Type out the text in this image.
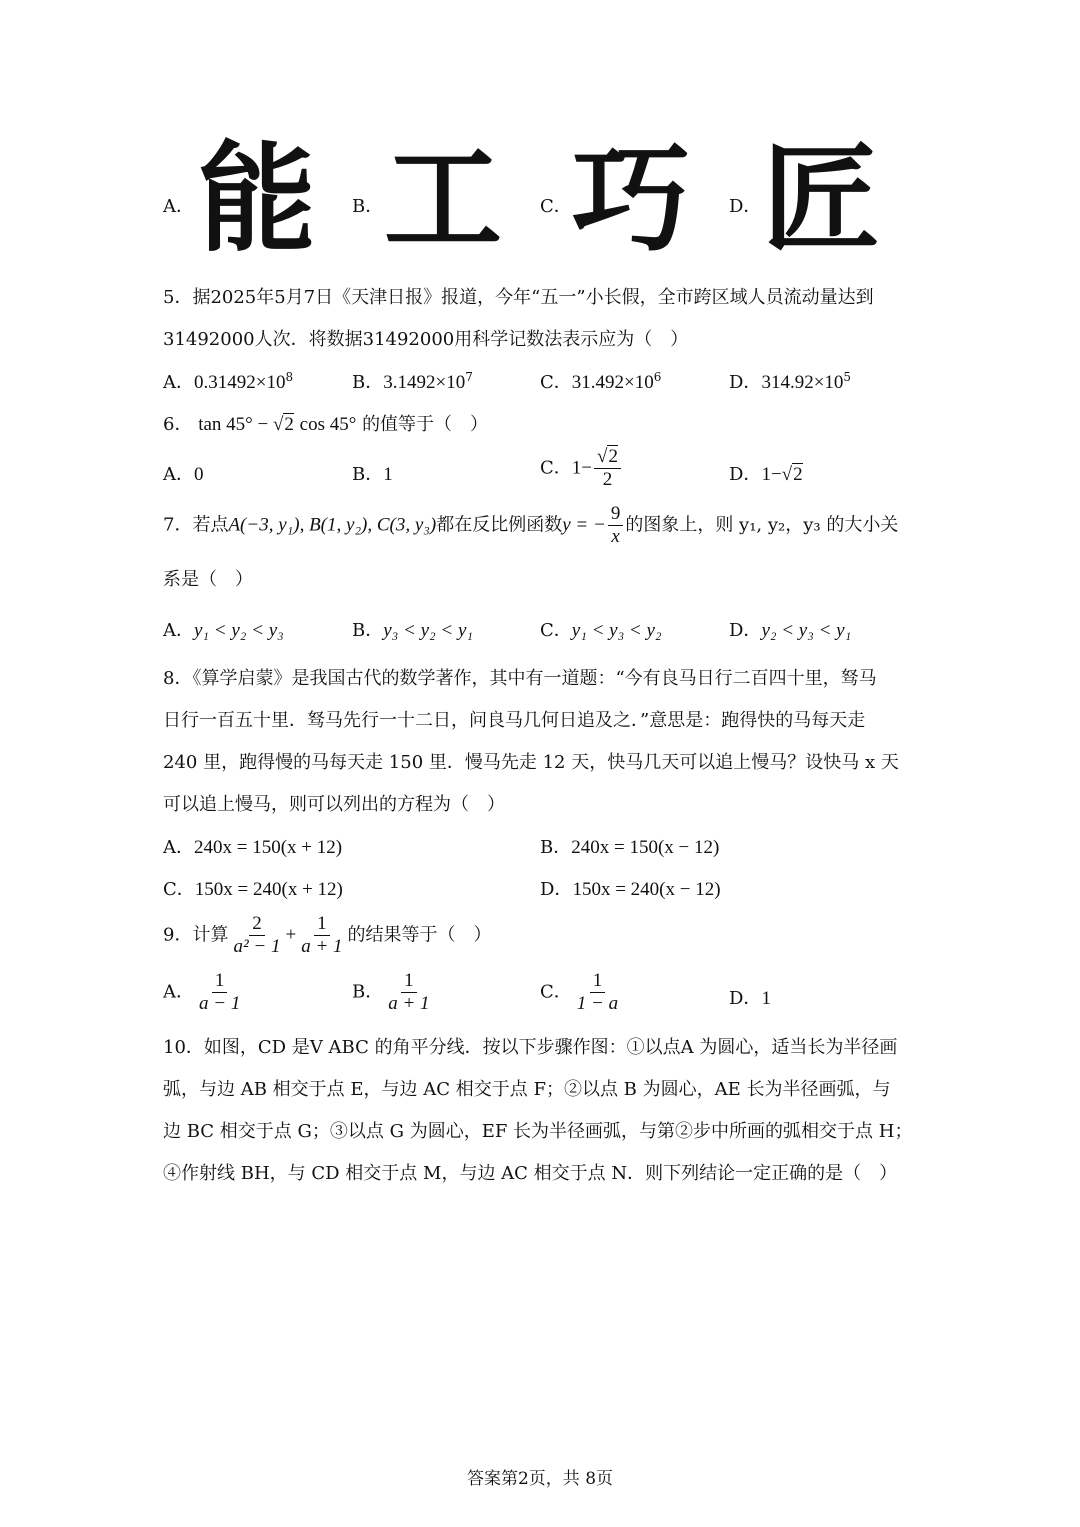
A． 能 B． 工 C． 巧 D． 匠
5．据2025年5月7日《天津日报》报道，今年“五一”小长假，全市跨区域人员流动量达到
31492000人次．将数据31492000用科学记数法表示应为（　）
A．$0.31492\times 10^8$	B．$3.1492\times 10^7$	C．$31.492\times 10^6$	D．$314.92\times 10^5$
6． tan 45° − √2 cos 45° 的值等于（　）
A．0	B．1	C．$1- \frac{√2}{2}$	D．1−√2
7．若点A(−3, y₁), B(1, y₂), C(3, y₃)都在反比例函数y = − $\frac{9}{x}$ 的图象上，则 y₁, y₂，y₃ 的大小关
系是（　）
A．y₁ < y₂ < y₃	B．y₃ < y₂ < y₁	C．y₁ < y₃ < y₂	D．y₂ < y₃ < y₁
8．《算学启蒙》是我国古代的数学著作，其中有一道题：“今有良马日行二百四十里，驽马
日行一百五十里．驽马先行一十二日，问良马几何日追及之．”意思是：跑得快的马每天走
240 里，跑得慢的马每天走 150 里．慢马先走 12 天，快马几天可以追上慢马？设快马 x 天
可以追上慢马，则可以列出的方程为（　）
A．240x = 150(x + 12)	B．240x = 150(x − 12)
C．150x = 240(x + 12)	D．150x = 240(x − 12)
9．计算 $\frac{2}{\text{a² − 1}} + \frac{1}{a + 1}$ 的结果等于（　）
A． $\frac{1}{a - 1}$	B． $\frac{1}{a + 1}$	C． $\frac{1}{1 - a}$	D．1
10．如图，CD 是V ABC 的角平分线．按以下步骤作图：①以点A 为圆心，适当长为半径画
弧，与边 AB 相交于点 E，与边 AC 相交于点 F；②以点 B 为圆心，AE 长为半径画弧，与
边 BC 相交于点 G；③以点 G 为圆心，EF 长为半径画弧，与第②步中所画的弧相交于点 H；
④作射线 BH，与 CD 相交于点 M，与边 AC 相交于点 N．则下列结论一定正确的是（　）
答案第2页，共 8页
